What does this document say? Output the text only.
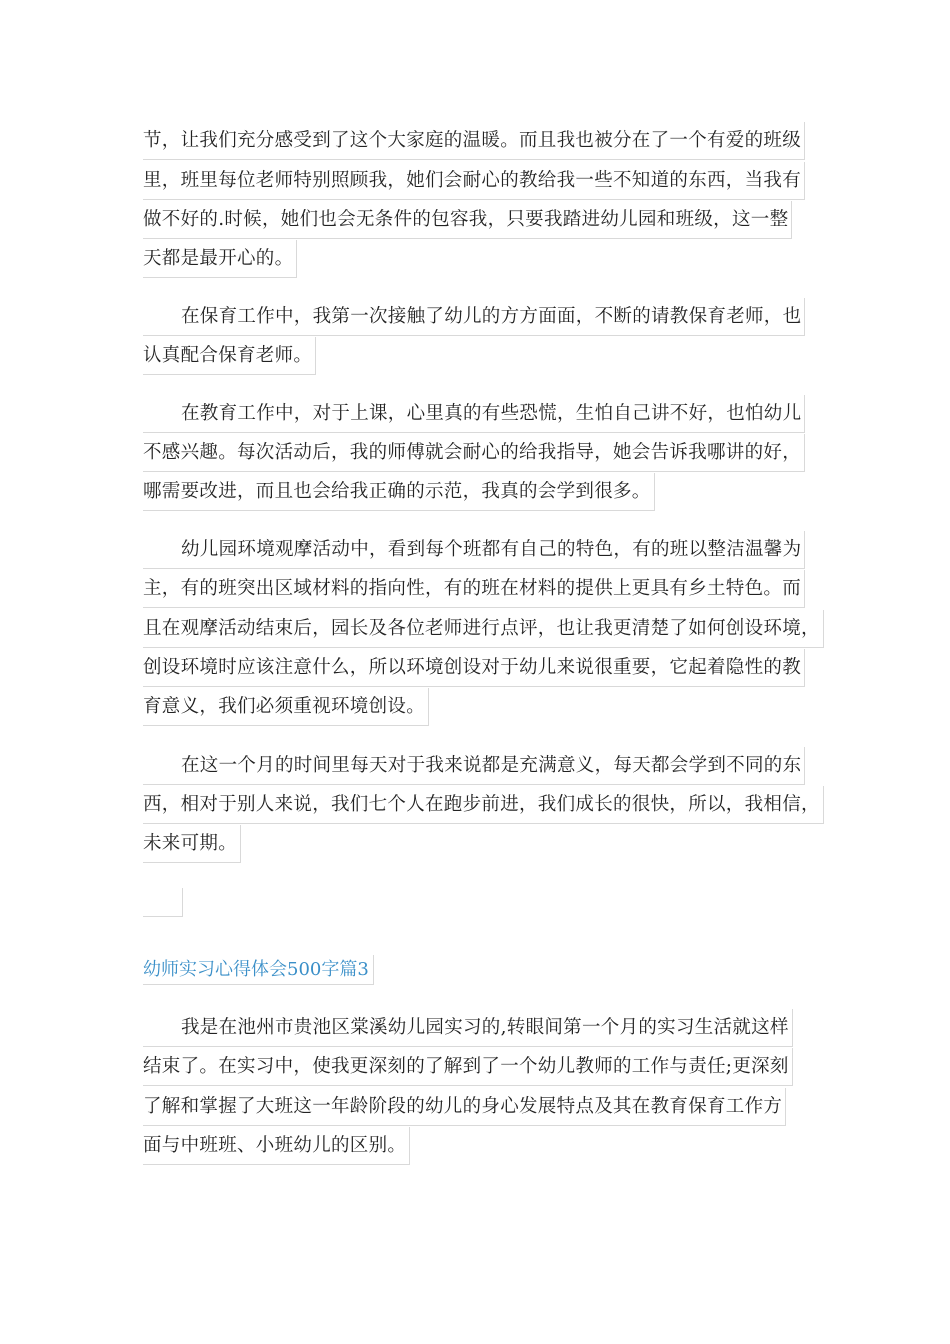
节，让我们充分感受到了这个大家庭的温暖。而且我也被分在了一个有爱的班级
里，班里每位老师特别照顾我，她们会耐心的教给我一些不知道的东西，当我有
做不好的.时候，她们也会无条件的包容我，只要我踏进幼儿园和班级，这一整
天都是最开心的。
在保育工作中，我第一次接触了幼儿的方方面面，不断的请教保育老师，也
认真配合保育老师。
在教育工作中，对于上课，心里真的有些恐慌，生怕自己讲不好，也怕幼儿
不感兴趣。每次活动后，我的师傅就会耐心的给我指导，她会告诉我哪讲的好，
哪需要改进，而且也会给我正确的示范，我真的会学到很多。
幼儿园环境观摩活动中，看到每个班都有自己的特色，有的班以整洁温馨为
主，有的班突出区域材料的指向性，有的班在材料的提供上更具有乡土特色。而
且在观摩活动结束后，园长及各位老师进行点评，也让我更清楚了如何创设环境，
创设环境时应该注意什么，所以环境创设对于幼儿来说很重要，它起着隐性的教
育意义，我们必须重视环境创设。
在这一个月的时间里每天对于我来说都是充满意义，每天都会学到不同的东
西，相对于别人来说，我们七个人在跑步前进，我们成长的很快，所以，我相信，
未来可期。
幼师实习心得体会500字篇3
我是在池州市贵池区棠溪幼儿园实习的,转眼间第一个月的实习生活就这样
结束了。在实习中，使我更深刻的了解到了一个幼儿教师的工作与责任;更深刻
了解和掌握了大班这一年龄阶段的幼儿的身心发展特点及其在教育保育工作方
面与中班班、小班幼儿的区别。
